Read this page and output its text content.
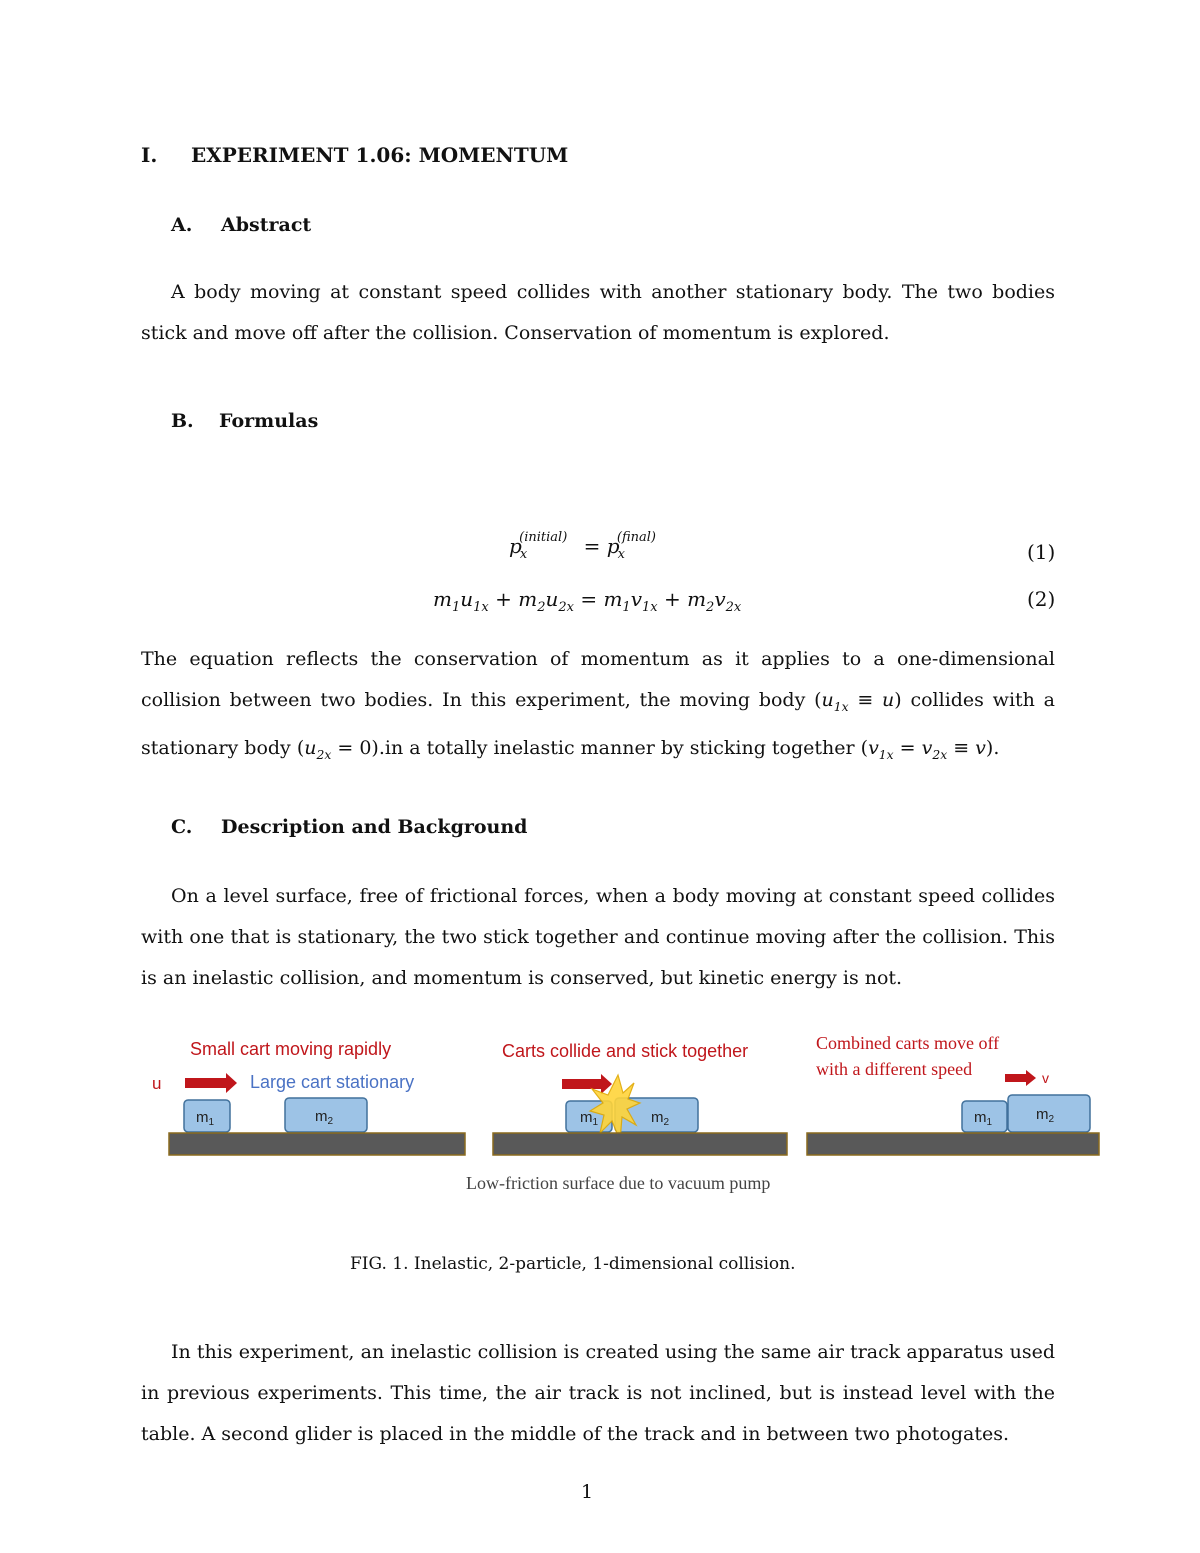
I. EXPERIMENT 1.06: MOMENTUM
A. Abstract

A body moving at constant speed collides with another stationary body. The two bodies stick and move off after the collision. Conservation of momentum is explored.

B. Formulas
$p_x^{(initial)} = p_x^{(final)}$
(1)
$m_1u_{1x} + m_2u_{2x} = m_1v_{1x} + m_2v_{2x}$	(2)

The equation reflects the conservation of momentum as it applies to a one-dimensional collision between two bodies. In this experiment, the moving body $(u_{1x} \equiv u)$ collides with a stationary body $(u_{2x} = 0).in$ a totally inelastic manner by sticking together $(v_{1x} = v_{2x} \equiv v)$.

C. Description and Background

On a level surface, free of frictional forces, when a body moving at constant speed collides with one that is stationary, the two stick together and continue moving after the collision. This is an inelastic collision, and momentum is conserved, but kinetic energy is not.

Small cart moving rapidly
u	Large cart stationary
$m_1$	$m_2$
Carts collide and stick together
$m_1$	$m_2$
Combined carts move off
with a different speed	v
$m_1$	$m_2$
Low-friction surface due to vacuum pump
FIG. 1. Inelastic, 2-particle, 1-dimensional collision.

In this experiment, an inelastic collision is created using the same air track apparatus used in previous experiments. This time, the air track is not inclined, but is instead level with the table. A second glider is placed in the middle of the track and in between two photogates.

1
